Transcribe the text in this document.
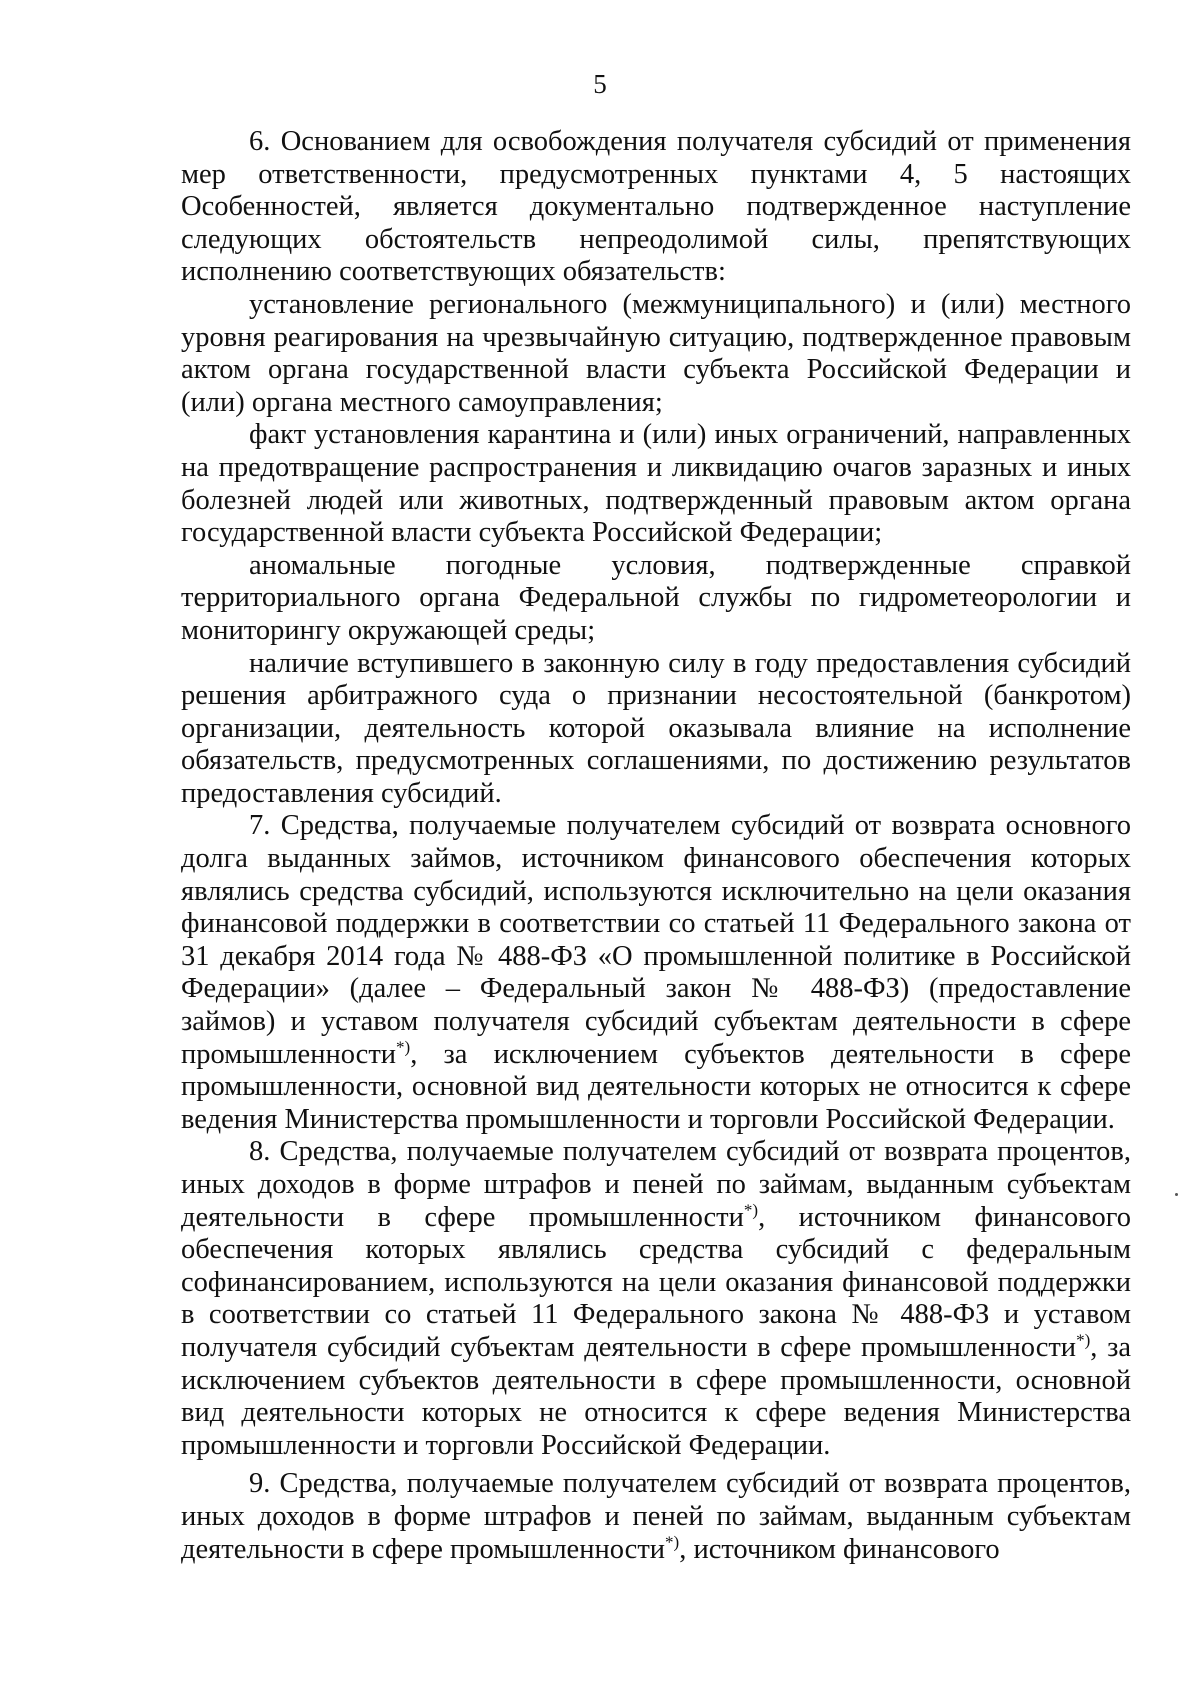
5

6. Основанием для освобождения получателя субсидий от применения мер ответственности, предусмотренных пунктами 4, 5 настоящих Особенностей, является документально подтвержденное наступление следующих обстоятельств непреодолимой силы, препятствующих исполнению соответствующих обязательств:

установление регионального (межмуниципального) и (или) местного уровня реагирования на чрезвычайную ситуацию, подтвержденное правовым актом органа государственной власти субъекта Российской Федерации и (или) органа местного самоуправления;

факт установления карантина и (или) иных ограничений, направленных на предотвращение распространения и ликвидацию очагов заразных и иных болезней людей или животных, подтвержденный правовым актом органа государственной власти субъекта Российской Федерации;

аномальные погодные условия, подтвержденные справкой территориального органа Федеральной службы по гидрометеорологии и мониторингу окружающей среды;

наличие вступившего в законную силу в году предоставления субсидий решения арбитражного суда о признании несостоятельной (банкротом) организации, деятельность которой оказывала влияние на исполнение обязательств, предусмотренных соглашениями, по достижению результатов предоставления субсидий.

7. Средства, получаемые получателем субсидий от возврата основного долга выданных займов, источником финансового обеспечения которых являлись средства субсидий, используются исключительно на цели оказания финансовой поддержки в соответствии со статьей 11 Федерального закона от 31 декабря 2014 года № 488-ФЗ «О промышленной политике в Российской Федерации» (далее – Федеральный закон № 488-ФЗ) (предоставление займов) и уставом получателя субсидий субъектам деятельности в сфере промышленности*), за исключением субъектов деятельности в сфере промышленности, основной вид деятельности которых не относится к сфере ведения Министерства промышленности и торговли Российской Федерации.

8. Средства, получаемые получателем субсидий от возврата процентов, иных доходов в форме штрафов и пеней по займам, выданным субъектам деятельности в сфере промышленности*), источником финансового обеспечения которых являлись средства субсидий с федеральным софинансированием, используются на цели оказания финансовой поддержки в соответствии со статьей 11 Федерального закона № 488-ФЗ и уставом получателя субсидий субъектам деятельности в сфере промышленности*), за исключением субъектов деятельности в сфере промышленности, основной вид деятельности которых не относится к сфере ведения Министерства промышленности и торговли Российской Федерации.

9. Средства, получаемые получателем субсидий от возврата процентов, иных доходов в форме штрафов и пеней по займам, выданным субъектам деятельности в сфере промышленности*), источником финансового
